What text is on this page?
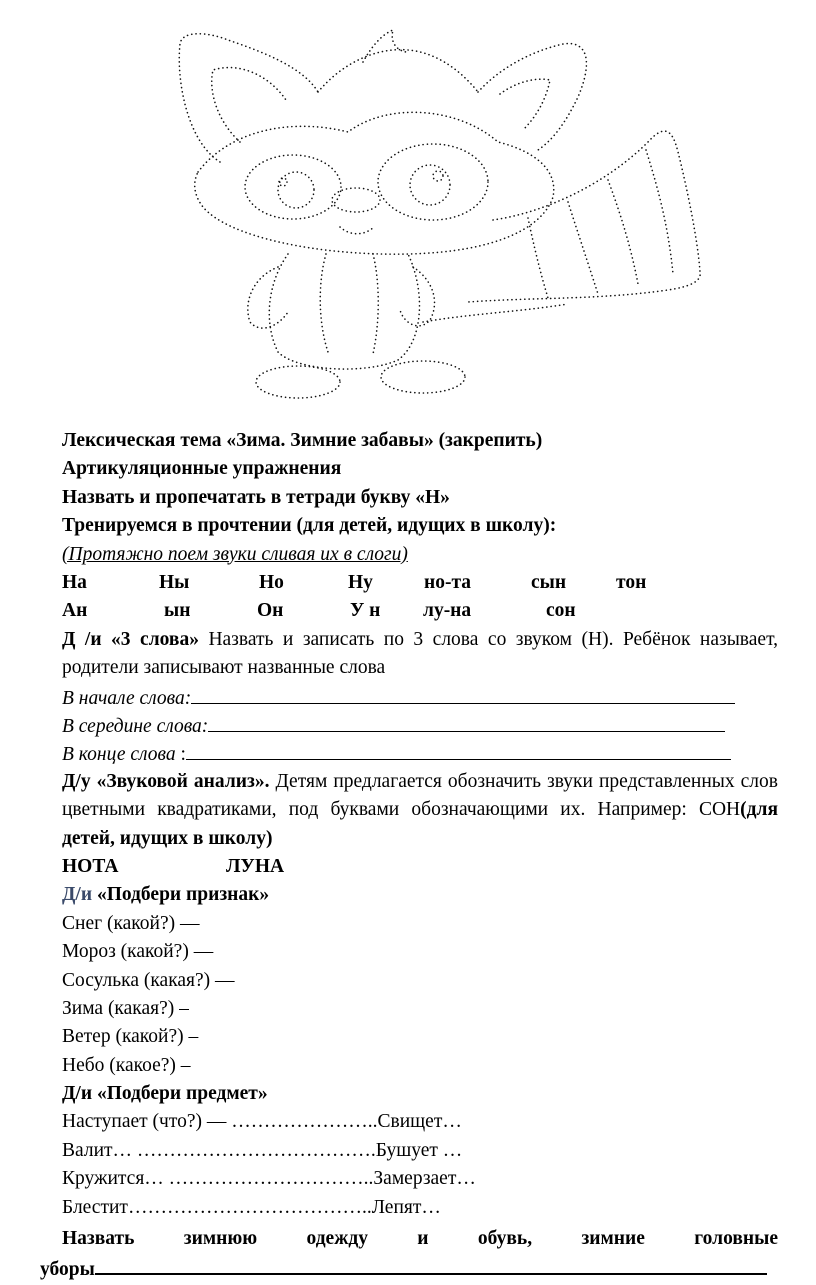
Лексическая тема «Зима. Зимние забавы» (закрепить)
Артикуляционные упражнения
Назвать и пропечатать в тетради букву «Н»
Тренируемся в прочтении (для детей, идущих в школу):
(Протяжно поем звуки сливая их в слоги)
На	Ны	Но	Ну	но-та	сын	тон
Ан	ын	Он	У н	лу-на	сон
Д /и «3 слова» Назвать и записать по 3 слова со звуком (Н). Ребёнок называет, родители записывают названные слова
В начале слова:
В середине слова:
В конце слова :
Д/у «Звуковой анализ». Детям предлагается обозначить звуки представленных слов цветными квадратиками, под буквами обозначающими их. Например: СОН(для детей, идущих в школу)
НОТА	ЛУНА
Д/и «Подбери признак»
Снег (какой?) —
Мороз (какой?) —
Сосулька (какая?) —
Зима (какая?) –
Ветер (какой?) –
Небо (какое?) –
Д/и «Подбери предмет»
Наступает (что?) — …………………..Свищет…
Валит… ……………………………….Бушует …
Кружится… …………………………..Замерзает…
Блестит………………………………..Лепят…
Назвать зимнюю одежду и обувь, зимние головные
уборы
